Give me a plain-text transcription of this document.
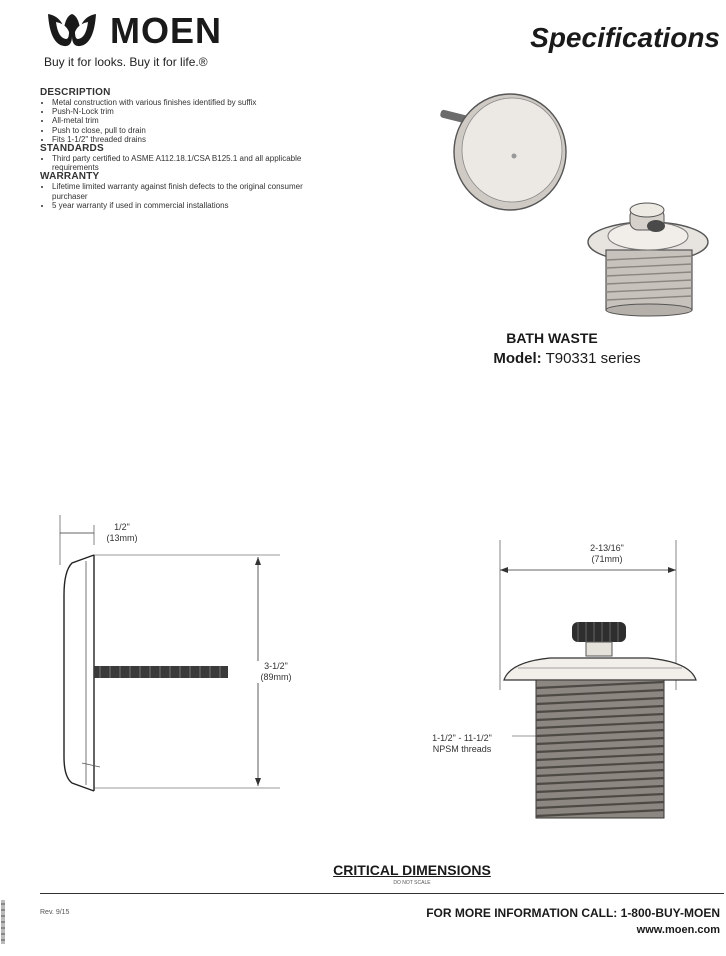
MOEN
Buy it for looks. Buy it for life.®
Specifications
DESCRIPTION
• Metal construction with various finishes identified by suffix
• Push-N-Lock trim
• All-metal trim
• Push to close, pull to drain
• Fits 1-1/2" threaded drains
STANDARDS
• Third party certified to ASME A112.18.1/CSA B125.1 and all applicable requirements
WARRANTY
• Lifetime limited warranty against finish defects to the original consumer purchaser
• 5 year warranty if used in commercial installations
BATH WASTE
Model: T90331 series
1/2"
(13mm)
3-1/2"
(89mm)
2-13/16"
(71mm)
1-1/2" - 11-1/2"
NPSM threads
CRITICAL DIMENSIONS
DO NOT SCALE
Rev. 9/15	FOR MORE INFORMATION CALL: 1-800-BUY-MOEN
www.moen.com
